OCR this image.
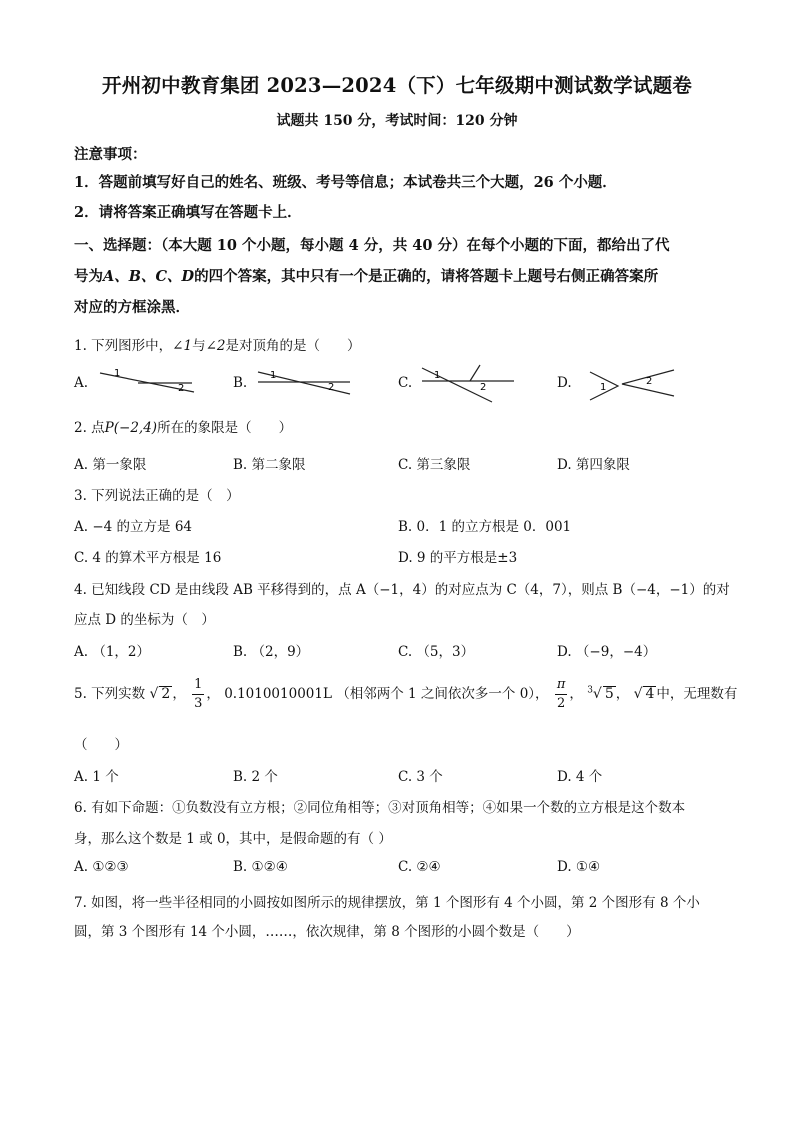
开州初中教育集团 2023—2024（下）七年级期中测试数学试题卷
试题共 150 分，考试时间：120 分钟
注意事项：
1．答题前填写好自己的姓名、班级、考号等信息；本试卷共三个大题，26 个小题．
2．请将答案正确填写在答题卡上．
一、选择题：（本大题 10 个小题，每小题 4 分，共 40 分）在每个小题的下面，都给出了代
号为A、B、C、D的四个答案，其中只有一个是正确的，请将答题卡上题号右侧正确答案所
对应的方框涂黑．
1. 下列图形中，∠1与∠2是对顶角的是（　　）
A.	B.	C.	D.
1
2
1
2
1
2	1
2
2. 点P(−2,4)所在的象限是（　　）
A. 第一象限	B. 第二象限	C. 第三象限	D. 第四象限
3. 下列说法正确的是（　）
A. −4 的立方是 64	B. 0．1 的立方根是 0．001
C. 4 的算术平方根是 16	D. 9 的平方根是±3
4. 已知线段 CD 是由线段 AB 平移得到的，点 A（−1，4）的对应点为 C（4，7），则点 B（−4，−1）的对
应点 D 的坐标为（　）
A. （1，2）	B. （2，9）	C. （5，3）	D. （−9，−4）
5. 下列实数 √ 2 ， $\frac{1}{3}$ ， 0.1010010001L （相邻两个 1 之间依次多一个 0）， $\frac{\pi}{2}$ ， $^3$√ 5 ， √ 4 中，无理数有
（　　）
A. 1 个	B. 2 个	C. 3 个	D. 4 个
6. 有如下命题：①负数没有立方根；②同位角相等；③对顶角相等；④如果一个数的立方根是这个数本
身，那么这个数是 1 或 0，其中，是假命题的有（ ）
A. ①②③	B. ①②④	C. ②④	D. ①④
7. 如图，将一些半径相同的小圆按如图所示的规律摆放，第 1 个图形有 4 个小圆，第 2 个图形有 8 个小
圆，第 3 个图形有 14 个小圆，……，依次规律，第 8 个图形的小圆个数是（　　）
